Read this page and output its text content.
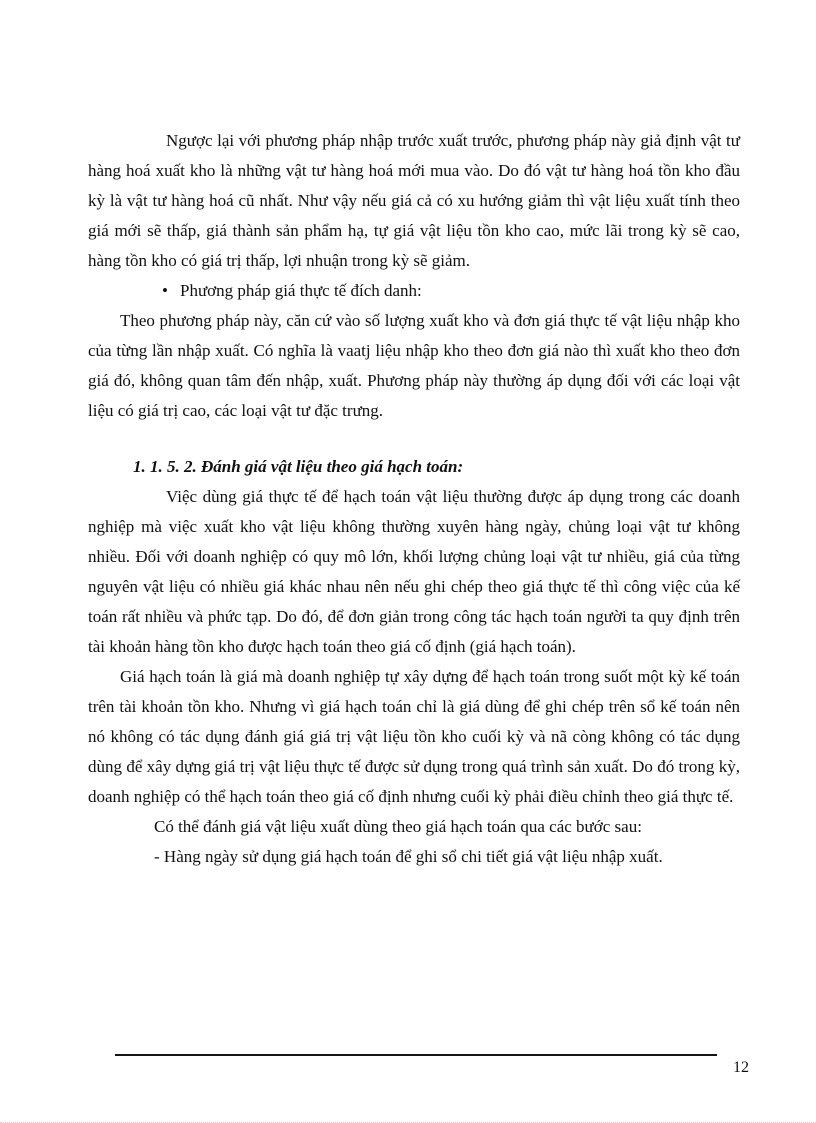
Ngược lại với phương pháp nhập trước xuất trước, phương pháp này giả định vật tư hàng hoá xuất kho là những vật tư hàng hoá mới mua vào. Do đó vật tư hàng hoá tồn kho đầu kỳ là vật tư hàng hoá cũ nhất. Như vậy nếu giá cả có xu hướng giảm thì vật liệu xuất tính theo giá mới sẽ thấp, giá thành sản phẩm hạ, tự giá vật liệu tồn kho cao, mức lãi trong kỳ sẽ cao, hàng tồn kho có giá trị thấp, lợi nhuận trong kỳ sẽ giảm.

• Phương pháp giá thực tế đích danh:

Theo phương pháp này, căn cứ vào số lượng xuất kho và đơn giá thực tế vật liệu nhập kho của từng lần nhập xuất. Có nghĩa là vaatj liệu nhập kho theo đơn giá nào thì xuất kho theo đơn giá đó, không quan tâm đến nhập, xuất. Phương pháp này thường áp dụng đối với các loại vật liệu có giá trị cao, các loại vật tư đặc trưng.

1. 1. 5. 2. Đánh giá vật liệu theo giá hạch toán:

Việc dùng giá thực tế để hạch toán vật liệu thường được áp dụng trong các doanh nghiệp mà việc xuất kho vật liệu không thường xuyên hàng ngày, chủng loại vật tư không nhiều. Đối với doanh nghiệp có quy mô lớn, khối lượng chủng loại vật tư nhiều, giá của từng nguyên vật liệu có nhiều giá khác nhau nên nếu ghi chép theo giá thực tế thì công việc của kế toán rất nhiều và phức tạp. Do đó, để đơn giản trong công tác hạch toán người ta quy định trên tài khoản hàng tồn kho được hạch toán theo giá cố định (giá hạch toán).

Giá hạch toán là giá mà doanh nghiệp tự xây dựng để hạch toán trong suốt một kỳ kế toán trên tài khoản tồn kho. Nhưng vì giá hạch toán chỉ là giá dùng để ghi chép trên sổ kế toán nên nó không có tác dụng đánh giá giá trị vật liệu tồn kho cuối kỳ và nã còng không có tác dụng dùng để xây dựng giá trị vật liệu thực tế được sử dụng trong quá trình sản xuất. Do đó trong kỳ, doanh nghiệp có thể hạch toán theo giá cố định nhưng cuối kỳ phải điều chỉnh theo giá thực tế.

Có thể đánh giá vật liệu xuất dùng theo giá hạch toán qua các bước sau:

- Hàng ngày sử dụng giá hạch toán để ghi sổ chi tiết giá vật liệu nhập xuất.

12
